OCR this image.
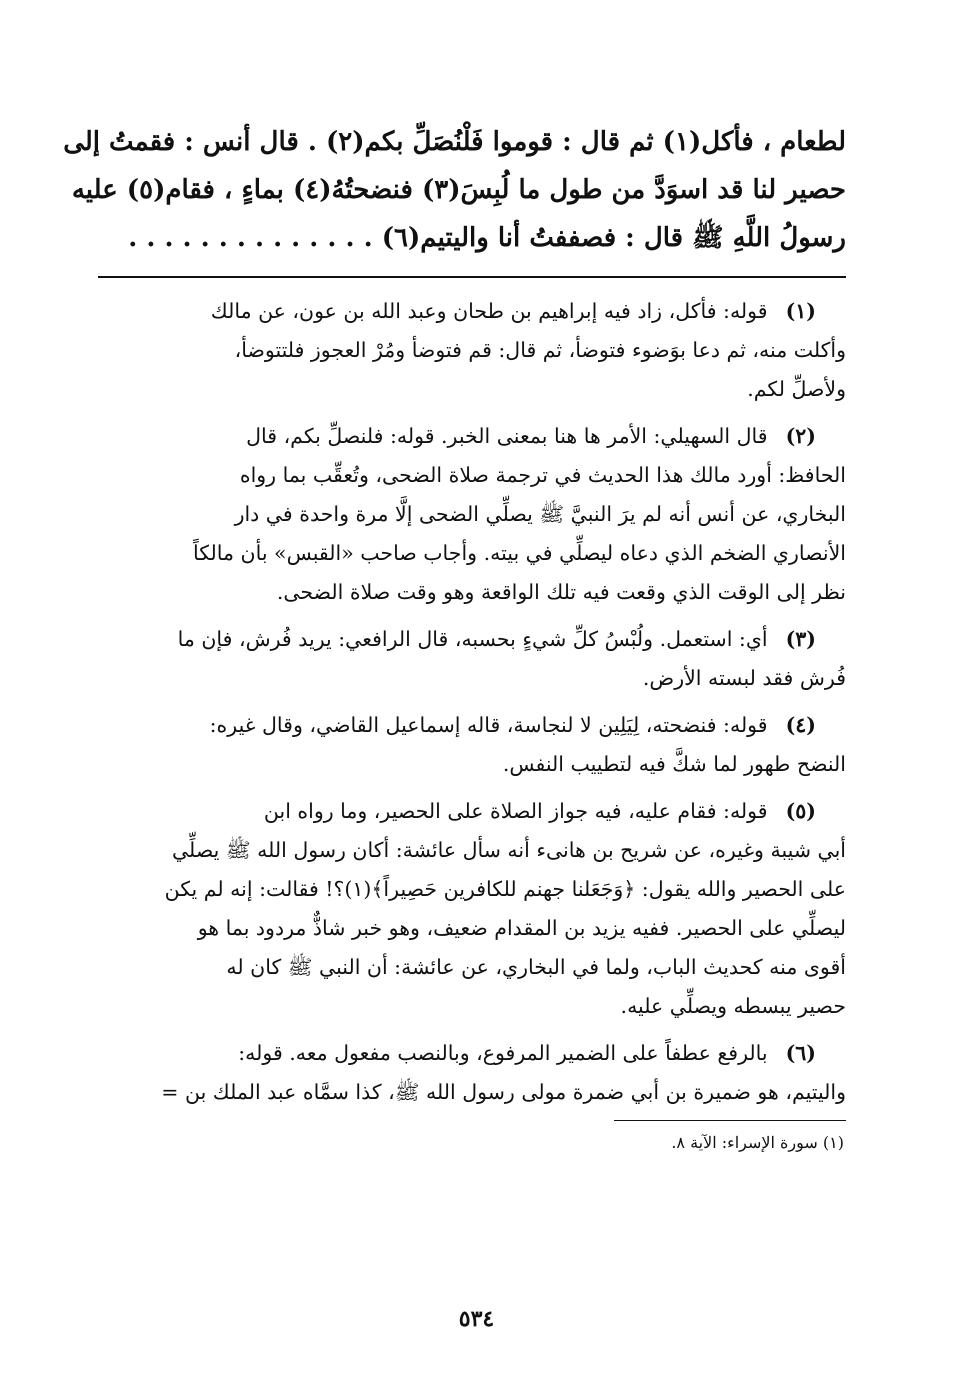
لطعام ، فأكل(١) ثم قال : قوموا فَلْنُصَلِّ بكم(٢) . قال أنس : فقمتُ إلى
حصير لنا قد اسوَدَّ من طول ما لُبِسَ(٣) فنضحتُهُ(٤) بماءٍ ، فقام(٥) عليه
رسولُ اللَّهِ ﷺ قال : فصففتُ أنا واليتيم(٦) . . . . . . . . . . . . . .
(١)قوله: فأكل، زاد فيه إبراهيم بن طحان وعبد الله بن عون، عن مالك
وأكلت منه، ثم دعا بوَضوء فتوضأ، ثم قال: قم فتوضأ ومُرْ العجوز فلتتوضأ،
ولأصلِّ لكم.
(٢)قال السهيلي: الأمر ها هنا بمعنى الخبر. قوله: فلنصلِّ بكم، قال
الحافظ: أورد مالك هذا الحديث في ترجمة صلاة الضحى، وتُعقِّب بما رواه
البخاري، عن أنس أنه لم يرَ النبيَّ ﷺ يصلِّي الضحى إلَّا مرة واحدة في دار
الأنصاري الضخم الذي دعاه ليصلِّي في بيته. وأجاب صاحب «القبس» بأن مالكاً
نظر إلى الوقت الذي وقعت فيه تلك الواقعة وهو وقت صلاة الضحى.
(٣)أي: استعمل. ولُبْسُ كلِّ شيءٍ بحسبه، قال الرافعي: يريد فُرش، فإن ما
فُرش فقد لبسته الأرض.
(٤)قوله: فنضحته، لِيَلِين لا لنجاسة، قاله إسماعيل القاضي، وقال غيره:
النضح طهور لما شكَّ فيه لتطييب النفس.
(٥)قوله: فقام عليه، فيه جواز الصلاة على الحصير، وما رواه ابن
أبي شيبة وغيره، عن شريح بن هانىء أنه سأل عائشة: أكان رسول الله ﷺ يصلِّي
على الحصير والله يقول: ﴿وَجَعَلنا جهنم للكافرين حَصِيراً﴾(١)؟! فقالت: إنه لم يكن
ليصلِّي على الحصير. ففيه يزيد بن المقدام ضعيف، وهو خبر شاذٌّ مردود بما هو
أقوى منه كحديث الباب، ولما في البخاري، عن عائشة: أن النبي ﷺ كان له
حصير يبسطه ويصلِّي عليه.
(٦)بالرفع عطفاً على الضمير المرفوع، وبالنصب مفعول معه. قوله:
واليتيم، هو ضميرة بن أبي ضمرة مولى رسول الله ﷺ، كذا سمَّاه عبد الملك بن =
(١) سورة الإسراء: الآية ٨.
٥٣٤
